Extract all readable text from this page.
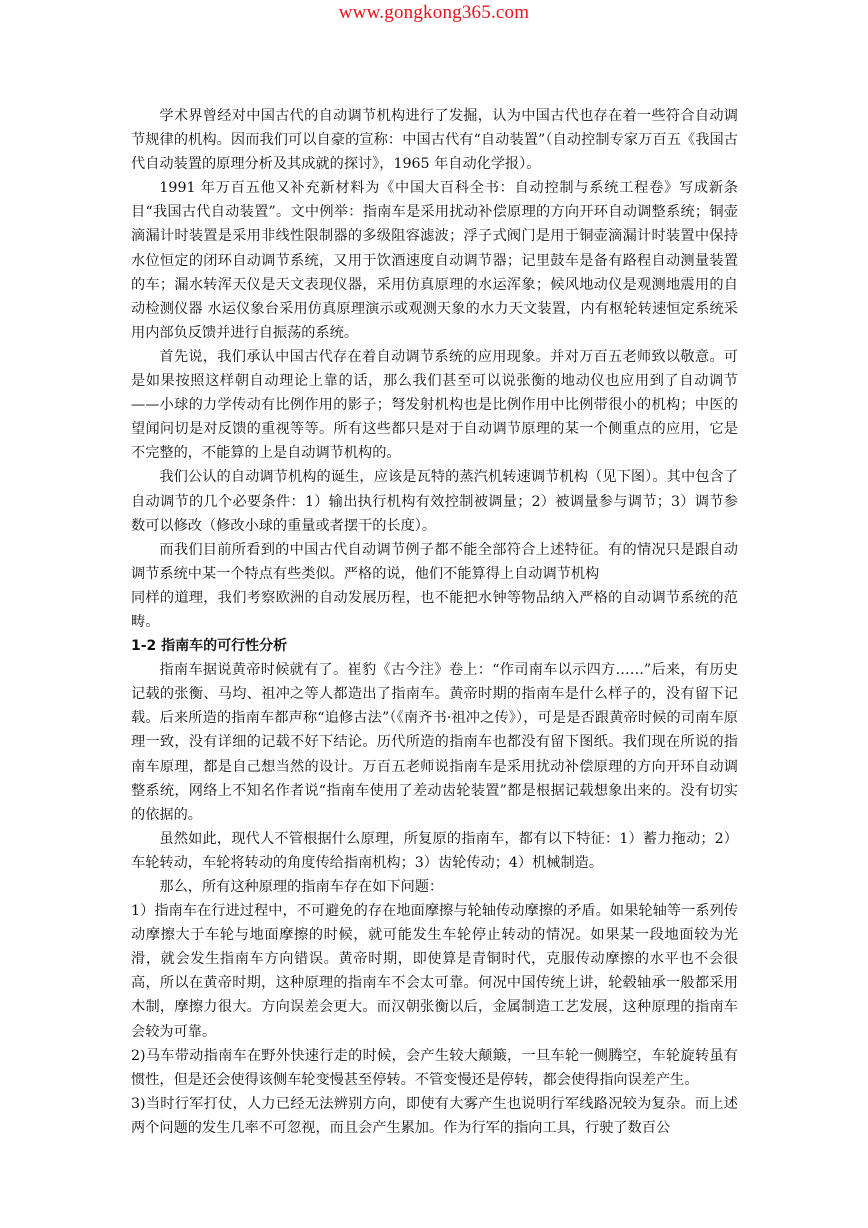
www.gongkong365.com

学术界曾经对中国古代的自动调节机构进行了发掘，认为中国古代也存在着一些符合自动调节规律的机构。因而我们可以自豪的宣称：中国古代有“自动装置”（自动控制专家万百五《我国古代自动装置的原理分析及其成就的探讨》，1965 年自动化学报）。

1991 年万百五他又补充新材料为《中国大百科全书：自动控制与系统工程卷》写成新条目“我国古代自动装置”。文中例举：指南车是采用扰动补偿原理的方向开环自动调整系统；铜壶滴漏计时装置是采用非线性限制器的多级阻容滤波；浮子式阀门是用于铜壶滴漏计时装置中保持水位恒定的闭环自动调节系统，又用于饮酒速度自动调节器；记里鼓车是备有路程自动测量装置的车；漏水转浑天仪是天文表现仪器，采用仿真原理的水运浑象；候风地动仪是观测地震用的自动检测仪器 水运仪象台采用仿真原理演示或观测天象的水力天文装置，内有枢轮转速恒定系统采用内部负反馈并进行自振荡的系统。

首先说，我们承认中国古代存在着自动调节系统的应用现象。并对万百五老师致以敬意。可是如果按照这样朝自动理论上靠的话，那么我们甚至可以说张衡的地动仪也应用到了自动调节——小球的力学传动有比例作用的影子；弩发射机构也是比例作用中比例带很小的机构；中医的望闻问切是对反馈的重视等等。所有这些都只是对于自动调节原理的某一个侧重点的应用，它是不完整的，不能算的上是自动调节机构的。

我们公认的自动调节机构的诞生，应该是瓦特的蒸汽机转速调节机构（见下图）。其中包含了自动调节的几个必要条件：1）输出执行机构有效控制被调量；2）被调量参与调节；3）调节参数可以修改（修改小球的重量或者摆干的长度）。

而我们目前所看到的中国古代自动调节例子都不能全部符合上述特征。有的情况只是跟自动调节系统中某一个特点有些类似。严格的说，他们不能算得上自动调节机构

同样的道理，我们考察欧洲的自动发展历程，也不能把水钟等物品纳入严格的自动调节系统的范畴。

1-2 指南车的可行性分析

指南车据说黄帝时候就有了。崔豹《古今注》卷上：“作司南车以示四方……”后来，有历史记载的张衡、马均、祖冲之等人都造出了指南车。黄帝时期的指南车是什么样子的，没有留下记载。后来所造的指南车都声称“追修古法”（《南齐书·祖冲之传》），可是是否跟黄帝时候的司南车原理一致，没有详细的记载不好下结论。历代所造的指南车也都没有留下图纸。我们现在所说的指南车原理，都是自己想当然的设计。万百五老师说指南车是采用扰动补偿原理的方向开环自动调整系统，网络上不知名作者说“指南车使用了差动齿轮装置”都是根据记载想象出来的。没有切实的依据的。

虽然如此，现代人不管根据什么原理，所复原的指南车，都有以下特征：1）蓄力拖动；2）车轮转动，车轮将转动的角度传给指南机构；3）齿轮传动；4）机械制造。

那么，所有这种原理的指南车存在如下问题：

1）指南车在行进过程中，不可避免的存在地面摩擦与轮轴传动摩擦的矛盾。如果轮轴等一系列传动摩擦大于车轮与地面摩擦的时候，就可能发生车轮停止转动的情况。如果某一段地面较为光滑，就会发生指南车方向错误。黄帝时期，即使算是青铜时代，克服传动摩擦的水平也不会很高，所以在黄帝时期，这种原理的指南车不会太可靠。何况中国传统上讲，轮毂轴承一般都采用木制，摩擦力很大。方向误差会更大。而汉朝张衡以后，金属制造工艺发展，这种原理的指南车会较为可靠。

2)马车带动指南车在野外快速行走的时候，会产生较大颠簸，一旦车轮一侧腾空，车轮旋转虽有惯性，但是还会使得该侧车轮变慢甚至停转。不管变慢还是停转，都会使得指向误差产生。

3)当时行军打仗，人力已经无法辨别方向，即使有大雾产生也说明行军线路况较为复杂。而上述两个问题的发生几率不可忽视，而且会产生累加。作为行军的指向工具，行驶了数百公
